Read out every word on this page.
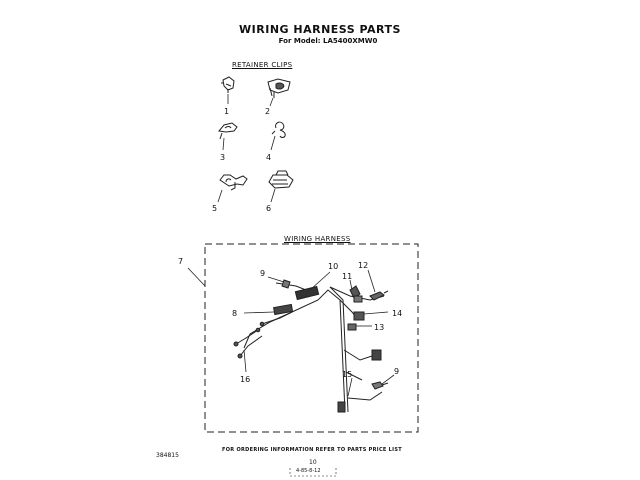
WIRING HARNESS PARTS
For Model: LA5400XMW0
RETAINER CLIPS
WIRING HARNESS
1	2
3	4
5	6
7
9
10
11
12
8	14
13
16
15	9
384815
FOR ORDERING INFORMATION REFER TO PARTS PRICE LIST
10
4-85-8-12
